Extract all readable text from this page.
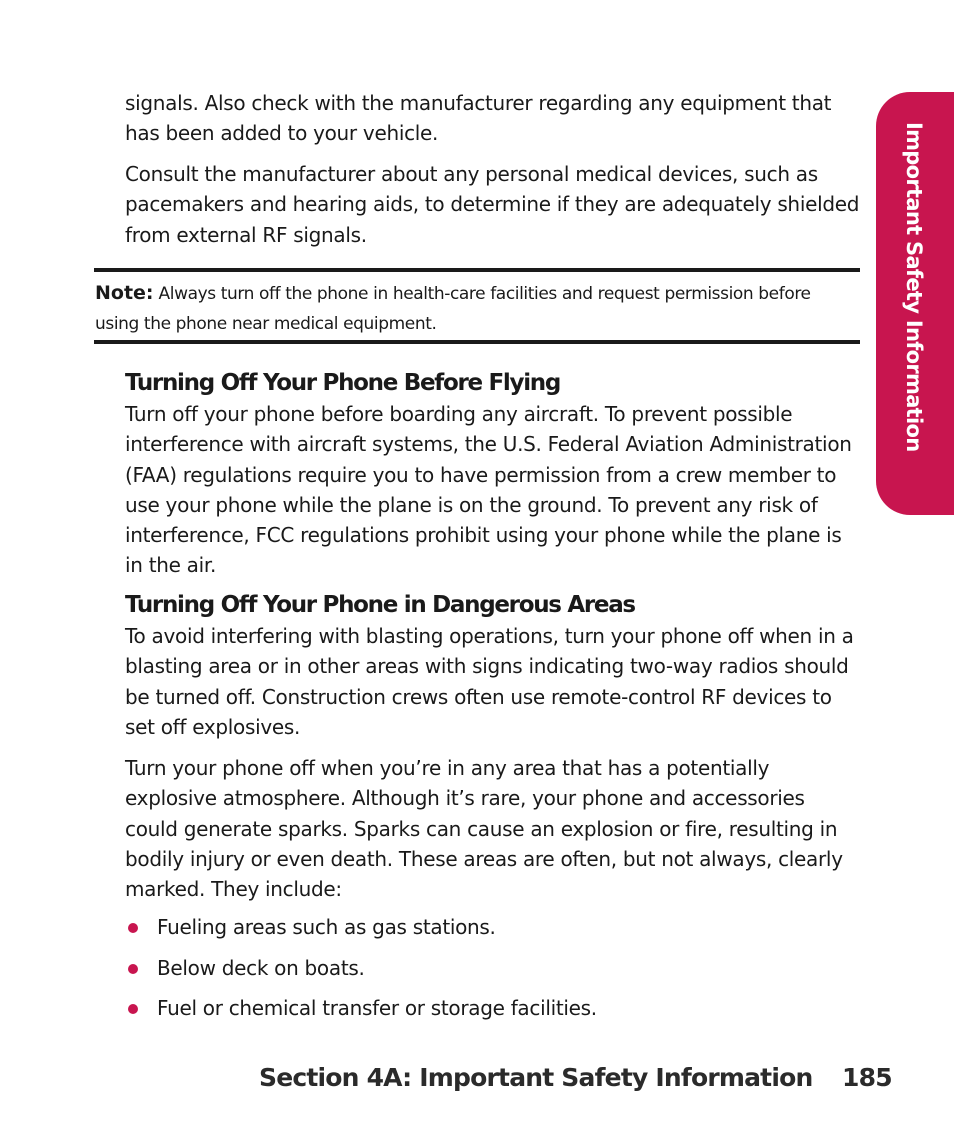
signals. Also check with the manufacturer regarding any equipment that has been added to your vehicle.

Consult the manufacturer about any personal medical devices, such as pacemakers and hearing aids, to determine if they are adequately shielded from external RF signals.

Note: Always turn off the phone in health-care facilities and request permission before using the phone near medical equipment.
Turning Off Your Phone Before Flying

Turn off your phone before boarding any aircraft. To prevent possible interference with aircraft systems, the U.S. Federal Aviation Administration (FAA) regulations require you to have permission from a crew member to use your phone while the plane is on the ground. To prevent any risk of interference, FCC regulations prohibit using your phone while the plane is in the air.

Turning Off Your Phone in Dangerous Areas

To avoid interfering with blasting operations, turn your phone off when in a blasting area or in other areas with signs indicating two-way radios should be turned off. Construction crews often use remote-control RF devices to set off explosives.

Turn your phone off when you’re in any area that has a potentially explosive atmosphere. Although it’s rare, your phone and accessories could generate sparks. Sparks can cause an explosion or fire, resulting in bodily injury or even death. These areas are often, but not always, clearly marked. They include:

Fueling areas such as gas stations.
Below deck on boats.
Fuel or chemical transfer or storage facilities.
Important Safety Information
Section 4A: Important Safety Information 185
